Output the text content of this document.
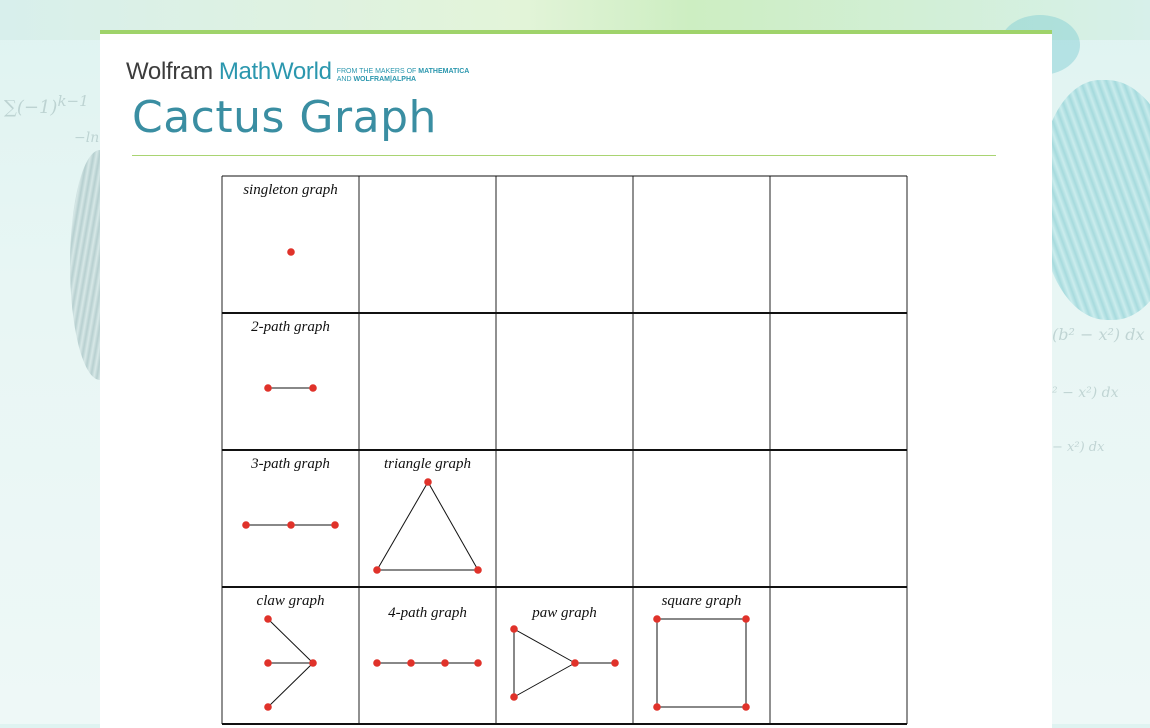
$\sum(-1)^{k-1}$
−ln
(b² − x²) dx
² − x²) dx
− x²) dx
Wolfram MathWorld FROM THE MAKERS OF MATHEMATICA
AND WOLFRAM|ALPHA
Cactus Graph
singleton graph
2-path graph
3-path graph	triangle graph
claw graph
4-path graph	paw graph
square graph
